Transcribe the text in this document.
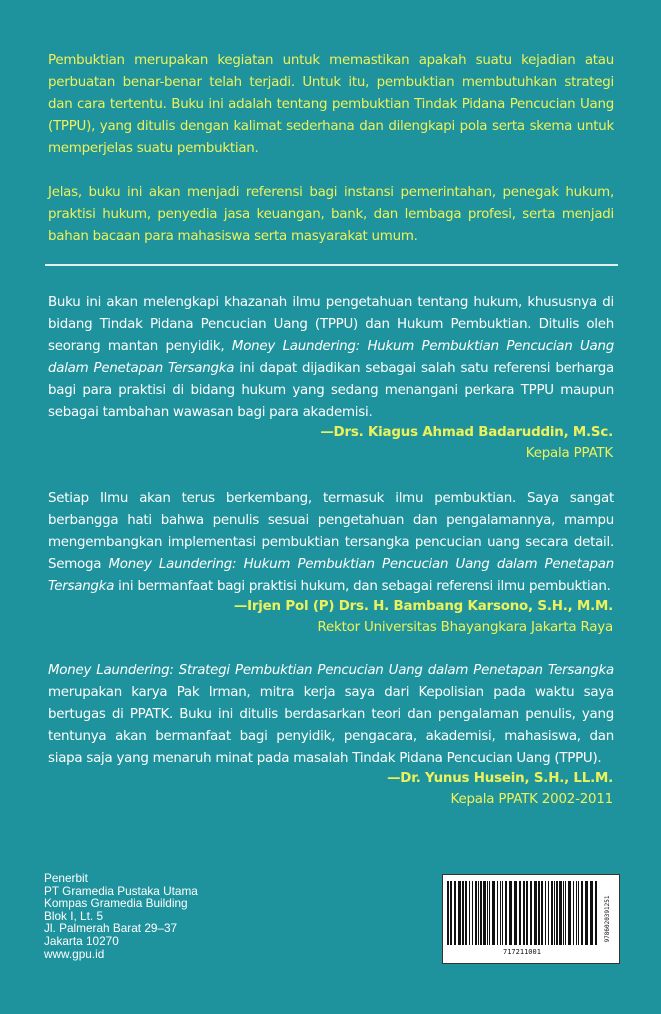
Pembuktian merupakan kegiatan untuk memastikan apakah suatu kejadian atau perbuatan benar-benar telah terjadi. Untuk itu, pembuktian membutuhkan strategi dan cara tertentu. Buku ini adalah tentang pembuktian Tindak Pidana Pencucian Uang (TPPU), yang ditulis dengan kalimat sederhana dan dilengkapi pola serta skema untuk memperjelas suatu pembuktian.

Jelas, buku ini akan menjadi referensi bagi instansi pemerintahan, penegak hukum, praktisi hukum, penyedia jasa keuangan, bank, dan lembaga profesi, serta menjadi bahan bacaan para mahasiswa serta masyarakat umum.

Buku ini akan melengkapi khazanah ilmu pengetahuan tentang hukum, khususnya di bidang Tindak Pidana Pencucian Uang (TPPU) dan Hukum Pembuktian. Ditulis oleh seorang mantan penyidik, Money Laundering: Hukum Pembuktian Pencucian Uang dalam Penetapan Tersangka ini dapat dijadikan sebagai salah satu referensi berharga bagi para praktisi di bidang hukum yang sedang menangani perkara TPPU maupun sebagai tambahan wawasan bagi para akademisi.

—Drs. Kiagus Ahmad Badaruddin, M.Sc.
Kepala PPATK

Setiap Ilmu akan terus berkembang, termasuk ilmu pembuktian. Saya sangat berbangga hati bahwa penulis sesuai pengetahuan dan pengalamannya, mampu mengembangkan implementasi pembuktian tersangka pencucian uang secara detail. Semoga Money Laundering: Hukum Pembuktian Pencucian Uang dalam Penetapan Tersangka ini bermanfaat bagi praktisi hukum, dan sebagai referensi ilmu pembuktian.

—Irjen Pol (P) Drs. H. Bambang Karsono, S.H., M.M.
Rektor Universitas Bhayangkara Jakarta Raya

Money Laundering: Strategi Pembuktian Pencucian Uang dalam Penetapan Tersangka merupakan karya Pak Irman, mitra kerja saya dari Kepolisian pada waktu saya bertugas di PPATK. Buku ini ditulis berdasarkan teori dan pengalaman penulis, yang tentunya akan bermanfaat bagi penyidik, pengacara, akademisi, mahasiswa, dan siapa saja yang menaruh minat pada masalah Tindak Pidana Pencucian Uang (TPPU).

—Dr. Yunus Husein, S.H., LL.M.
Kepala PPATK 2002-2011
Penerbit
PT Gramedia Pustaka Utama
Kompas Gramedia Building
Blok I, Lt. 5
Jl. Palmerah Barat 29–37
Jakarta 10270
www.gpu.id	717211001
9786020391251
